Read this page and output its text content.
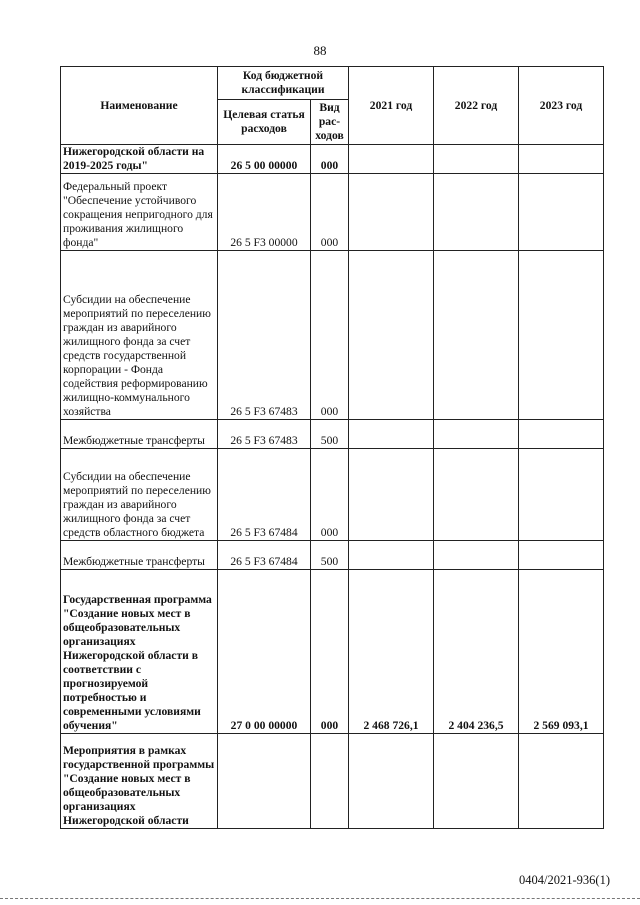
88
Наименование	Код бюджетной классификации		2021 год	2022 год	2023 год
	Целевая статья расходов	Вид рас-ходов			
Нижегородской области на 2019-2025 годы"	26 5 00 00000	000			
Федеральный проект "Обеспечение устойчивого сокращения непригодного для проживания жилищного фонда"	26 5 F3 00000	000			
Субсидии на обеспечение мероприятий по переселению граждан из аварийного жилищного фонда за счет средств государственной корпорации - Фонда содействия реформированию жилищно-коммунального хозяйства	26 5 F3 67483	000			
Межбюджетные трансферты	26 5 F3 67483	500			
Субсидии на обеспечение мероприятий по переселению граждан из аварийного жилищного фонда за счет средств областного бюджета	26 5 F3 67484	000			
Межбюджетные трансферты	26 5 F3 67484	500			
Государственная программа "Создание новых мест в общеобразовательных организациях Нижегородской области в соответствии с прогнозируемой потребностью и современными условиями обучения"	27 0 00 00000	000	2 468 726,1	2 404 236,5	2 569 093,1
Мероприятия в рамках государственной программы "Создание новых мест в общеобразовательных организациях Нижегородской области					
0404/2021-936(1)
